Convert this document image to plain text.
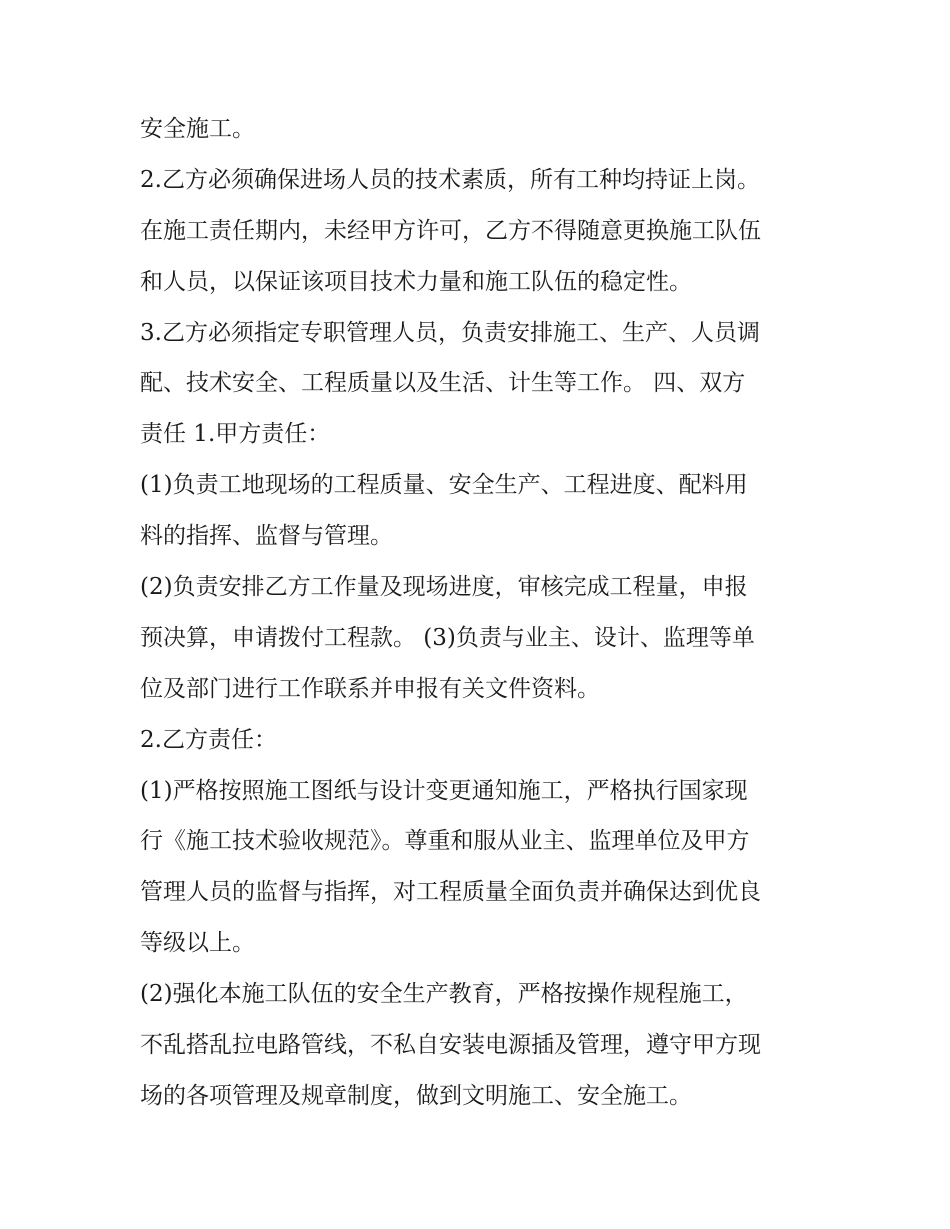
安全施工。
2.乙方必须确保进场人员的技术素质，所有工种均持证上岗。
在施工责任期内，未经甲方许可，乙方不得随意更换施工队伍
和人员，以保证该项目技术力量和施工队伍的稳定性。
3.乙方必须指定专职管理人员，负责安排施工、生产、人员调
配、技术安全、工程质量以及生活、计生等工作。 四、双方
责任 1.甲方责任：
(1)负责工地现场的工程质量、安全生产、工程进度、配料用
料的指挥、监督与管理。
(2)负责安排乙方工作量及现场进度，审核完成工程量，申报
预决算，申请拨付工程款。 (3)负责与业主、设计、监理等单
位及部门进行工作联系并申报有关文件资料。
2.乙方责任：
(1)严格按照施工图纸与设计变更通知施工，严格执行国家现
行《施工技术验收规范》。尊重和服从业主、监理单位及甲方
管理人员的监督与指挥，对工程质量全面负责并确保达到优良
等级以上。
(2)强化本施工队伍的安全生产教育，严格按操作规程施工，
不乱搭乱拉电路管线，不私自安装电源插及管理，遵守甲方现
场的各项管理及规章制度，做到文明施工、安全施工。
